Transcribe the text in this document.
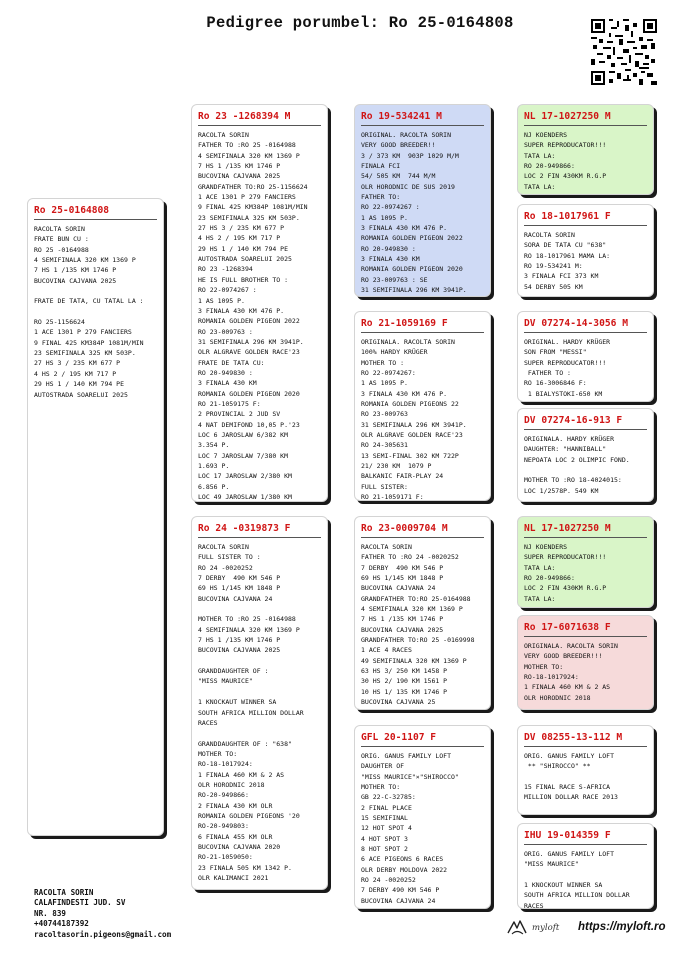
Pedigree porumbel: Ro 25-0164808
Ro 25-0164808
RACOLTA SORIN
FRATE BUN CU :
RO 25 -0164988
4 SEMIFINALA 320 KM 1369 P
7 HS 1 /135 KM 1746 P
BUCOVINA CAJVANA 2025

FRATE DE TATA, CU TATAL LA :

RO 25-1156624
1 ACE 1301 P 279 FANCIERS
9 FINAL 425 KM384P 1081M/MIN
23 SEMIFINALA 325 KM 503P.
27 HS 3 / 235 KM 677 P
4 HS 2 / 195 KM 717 P
29 HS 1 / 140 KM 794 PE
AUTOSTRADA SOARELUI 2025
Ro 23 -1268394 M
RACOLTA SORIN
FATHER TO :RO 25 -0164988
4 SEMIFINALA 320 KM 1369 P
7 HS 1 /135 KM 1746 P
BUCOVINA CAJVANA 2025
GRANDFATHER TO:RO 25-1156624
1 ACE 1301 P 279 FANCIERS
9 FINAL 425 KM384P 1081M/MIN
23 SEMIFINALA 325 KM 503P.
27 HS 3 / 235 KM 677 P
4 HS 2 / 195 KM 717 P
29 HS 1 / 140 KM 794 PE
AUTOSTRADA SOARELUI 2025
RO 23 -1268394
HE IS FULL BROTHER TO :
RO 22-0974267 :
1 AS 1095 P.
3 FINALA 430 KM 476 P.
ROMANIA GOLDEN PIGEON 2022
RO 23-009763 :
31 SEMIFINALA 296 KM 3941P.
OLR ALGRAVE GOLDEN RACE'23
FRATE DE TATA CU:
RO 20-949830 :
3 FINALA 430 KM
ROMANIA GOLDEN PIGEON 2020
RO 21-1059175 F:
2 PROVINCIAL 2 JUD SV
4 NAT DEMIFOND 10,05 P.'23
LOC 6 JAROSLAW 6/382 KM
3.354 P.
LOC 7 JAROSLAW 7/380 KM
1.693 P.
LOC 17 JAROSLAW 2/380 KM
6.856 P.
LOC 49 JAROSLAW 1/380 KM
Ro 24 -0319873 F
RACOLTA SORIN
FULL SISTER TO :
RO 24 -0020252
7 DERBY  490 KM 546 P
69 HS 1/145 KM 1848 P
BUCOVINA CAJVANA 24

MOTHER TO :RO 25 -0164988
4 SEMIFINALA 320 KM 1369 P
7 HS 1 /135 KM 1746 P
BUCOVINA CAJVANA 2025

GRANDDAUGHTER OF :
"MISS MAURICE"

1 KNOCKAUT WINNER SA
SOUTH AFRICA MILLION DOLLAR
RACES

GRANDDAUGHTER OF : "638"
MOTHER TO:
RO-18-1017924:
1 FINALA 460 KM & 2 AS
OLR HORODNIC 2018
RO-20-949866:
2 FINALA 430 KM OLR
ROMANIA GOLDEN PIGEONS '20
RO-20-949803:
6 FINALA 455 KM OLR
BUCOVINA CAJVANA 2020
RO-21-1059050:
23 FINALA 505 KM 1342 P.
OLR KALIMANCI 2021
Ro 19-534241 M
ORIGINAL. RACOLTA SORIN
VERY GOOD BREEDER!!
3 / 373 KM  903P 1029 M/M
FINALA FCI
54/ 505 KM  744 M/M
OLR HORODNIC DE SUS 2019
FATHER TO:
RO 22-0974267 :
1 AS 1095 P.
3 FINALA 430 KM 476 P.
ROMANIA GOLDEN PIGEON 2022
RO 20-949830 :
3 FINALA 430 KM
ROMANIA GOLDEN PIGEON 2020
RO 23-009763 : SE
31 SEMIFINALA 296 KM 3941P.
Ro 21-1059169 F
ORIGINALA. RACOLTA SORIN
100% HARDY KRÜGER
MOTHER TO :
RO 22-0974267:
1 AS 1095 P.
3 FINALA 430 KM 476 P.
ROMANIA GOLDEN PIGEONS 22
RO 23-009763
31 SEMIFINALA 296 KM 3941P.
OLR ALGRAVE GOLDEN RACE'23
RO 24-305631
13 SEMI-FINAL 302 KM 722P
21/ 230 KM  1079 P
BALKANIC FAIR-PLAY 24
FULL SISTER:
RO 21-1059171 F:
Ro 23-0009704 M
RACOLTA SORIN
FATHER TO :RO 24 -0020252
7 DERBY  490 KM 546 P
69 HS 1/145 KM 1848 P
BUCOVINA CAJVANA 24
GRANDFATHER TO:RO 25-0164988
4 SEMIFINALA 320 KM 1369 P
7 HS 1 /135 KM 1746 P
BUCOVINA CAJVANA 2025
GRANDFATHER TO:RO 25 -0169998
1 ACE 4 RACES
49 SEMIFINALA 320 KM 1369 P
63 HS 3/ 250 KM 1458 P
30 HS 2/ 190 KM 1561 P
10 HS 1/ 135 KM 1746 P
BUCOVINA CAJVANA 25
GFL 20-1107 F
ORIG. GANUS FAMILY LOFT
DAUGHTER OF
"MISS MAURICE"×"SHIROCCO"
MOTHER TO:
GB 22-C-32785:
2 FINAL PLACE
15 SEMIFINAL
12 HOT SPOT 4
4 HOT SPOT 3
8 HOT SPOT 2
6 ACE PIGEONS 6 RACES
OLR DERBY MOLDOVA 2022
RO 24 -0020252
7 DERBY 490 KM 546 P
BUCOVINA CAJVANA 24
NL 17-1027250 M
NJ KOENDERS
SUPER REPRODUCATOR!!!
TATA LA:
RO 20-949866:
LOC 2 FIN 430KM R.G.P
TATA LA:
Ro 18-1017961 F
RACOLTA SORIN
SORA DE TATA CU "638"
RO 18-1017961 MAMA LA:
RO 19-534241 M:
3 FINALA FCI 373 KM
54 DERBY 505 KM
DV 07274-14-3056 M
ORIGINAL. HARDY KRÜGER
SON FROM "MESSI"
SUPER REPRODUCATOR!!!
FATHER TO :
RO 16-3006846 F:
1 BIALYSTOKI-650 KM
DV 07274-16-913 F
ORIGINALA. HARDY KRÜGER
DAUGHTER: "HANNIBALL"
NEPOATA LOC 2 OLIMPIC FOND.

MOTHER TO :RO 18-4024015:
LOC 1/2578P. 549 KM
NL 17-1027250 M
NJ KOENDERS
SUPER REPRODUCATOR!!!
TATA LA:
RO 20-949866:
LOC 2 FIN 430KM R.G.P
TATA LA:
Ro 17-6071638 F
ORIGINALA. RACOLTA SORIN
VERY GOOD BREEDER!!!
MOTHER TO:
RO-18-1017924:
1 FINALA 460 KM & 2 AS
OLR HORODNIC 2018
DV 08255-13-112 M
ORIG. GANUS FAMILY LOFT
** "SHIROCCO" **

15 FINAL RACE S-AFRICA
MILLION DOLLAR RACE 2013
IHU 19-014359 F
ORIG. GANUS FAMILY LOFT
"MISS MAURICE"

1 KNOCKOUT WINNER SA
SOUTH AFRICA MILLION DOLLAR
RACES
RACOLTA SORIN
CALAFINDESTI JUD. SV
NR. 839
+40744187392
racoltasorin.pigeons@gmail.com
myloft https://myloft.ro
